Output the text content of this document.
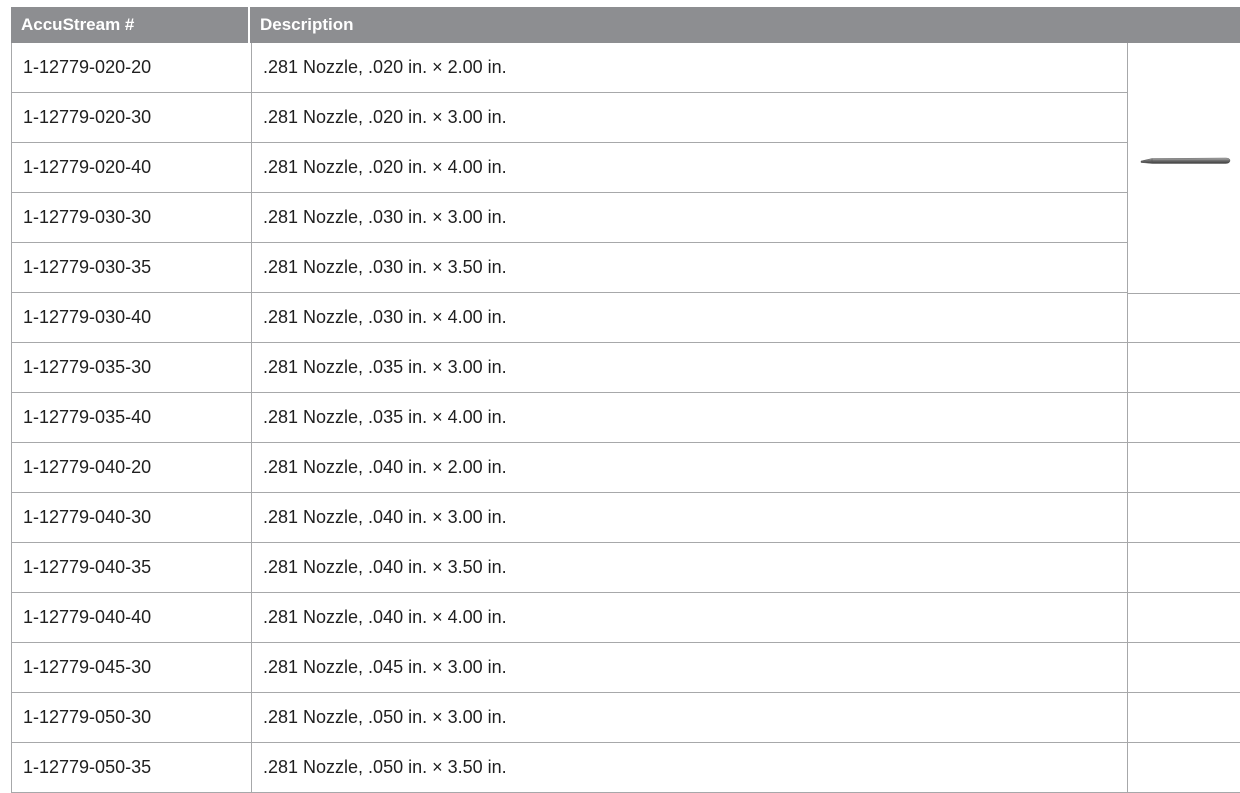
AccuStream #	Description
1-12779-020-20	.281 Nozzle, .020 in. × 2.00 in.
1-12779-020-30	.281 Nozzle, .020 in. × 3.00 in.
1-12779-020-40	.281 Nozzle, .020 in. × 4.00 in.
1-12779-030-30	.281 Nozzle, .030 in. × 3.00 in.
1-12779-030-35	.281 Nozzle, .030 in. × 3.50 in.
1-12779-030-40	.281 Nozzle, .030 in. × 4.00 in.
1-12779-035-30	.281 Nozzle, .035 in. × 3.00 in.
1-12779-035-40	.281 Nozzle, .035 in. × 4.00 in.
1-12779-040-20	.281 Nozzle, .040 in. × 2.00 in.
1-12779-040-30	.281 Nozzle, .040 in. × 3.00 in.
1-12779-040-35	.281 Nozzle, .040 in. × 3.50 in.
1-12779-040-40	.281 Nozzle, .040 in. × 4.00 in.
1-12779-045-30	.281 Nozzle, .045 in. × 3.00 in.
1-12779-050-30	.281 Nozzle, .050 in. × 3.00 in.
1-12779-050-35	.281 Nozzle, .050 in. × 3.50 in.
